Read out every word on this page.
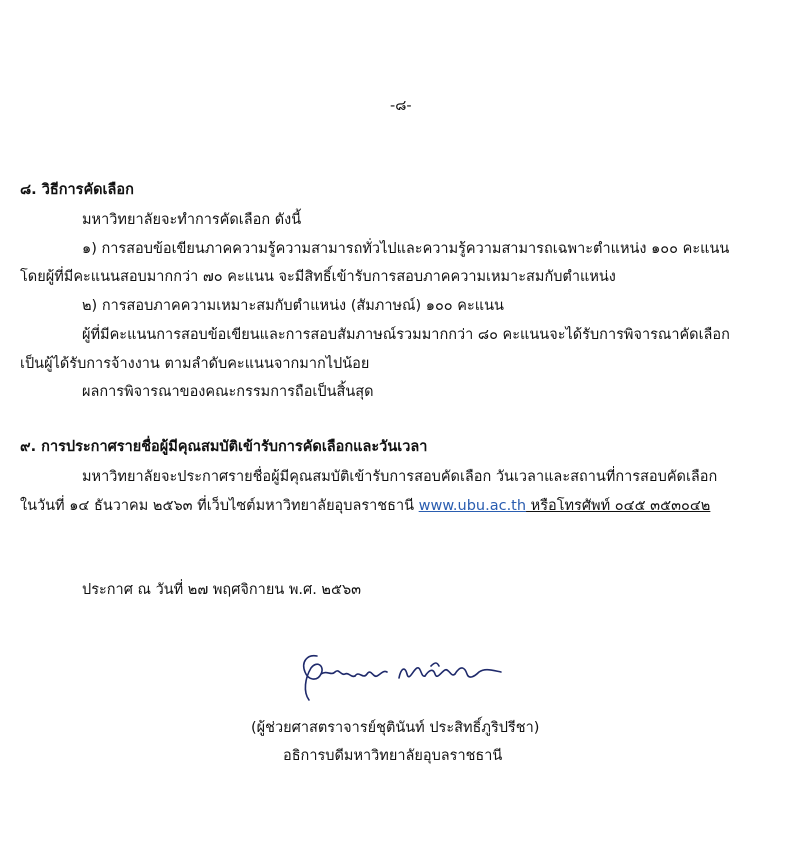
-๘-
๘. วิธีการคัดเลือก
มหาวิทยาลัยจะทำการคัดเลือก ดังนี้
๑) การสอบข้อเขียนภาคความรู้ความสามารถทั่วไปและความรู้ความสามารถเฉพาะตำแหน่ง ๑๐๐ คะแนน
โดยผู้ที่มีคะแนนสอบมากกว่า ๗๐ คะแนน จะมีสิทธิ์เข้ารับการสอบภาคความเหมาะสมกับตำแหน่ง
๒) การสอบภาคความเหมาะสมกับตำแหน่ง (สัมภาษณ์) ๑๐๐ คะแนน
ผู้ที่มีคะแนนการสอบข้อเขียนและการสอบสัมภาษณ์รวมมากกว่า ๘๐ คะแนนจะได้รับการพิจารณาคัดเลือก
เป็นผู้ได้รับการจ้างงาน ตามลำดับคะแนนจากมากไปน้อย
ผลการพิจารณาของคณะกรรมการถือเป็นสิ้นสุด
๙. การประกาศรายชื่อผู้มีคุณสมบัติเข้ารับการคัดเลือกและวันเวลา
มหาวิทยาลัยจะประกาศรายชื่อผู้มีคุณสมบัติเข้ารับการสอบคัดเลือก วันเวลาและสถานที่การสอบคัดเลือก
ในวันที่ ๑๔ ธันวาคม ๒๕๖๓ ที่เว็บไซต์มหาวิทยาลัยอุบลราชธานี www.ubu.ac.th หรือโทรศัพท์ ๐๔๕ ๓๕๓๐๔๒
ประกาศ ณ วันที่ ๒๗ พฤศจิกายน พ.ศ. ๒๕๖๓
(ผู้ช่วยศาสตราจารย์ชุตินันท์ ประสิทธิ์ภูริปรีชา)
อธิการบดีมหาวิทยาลัยอุบลราชธานี
